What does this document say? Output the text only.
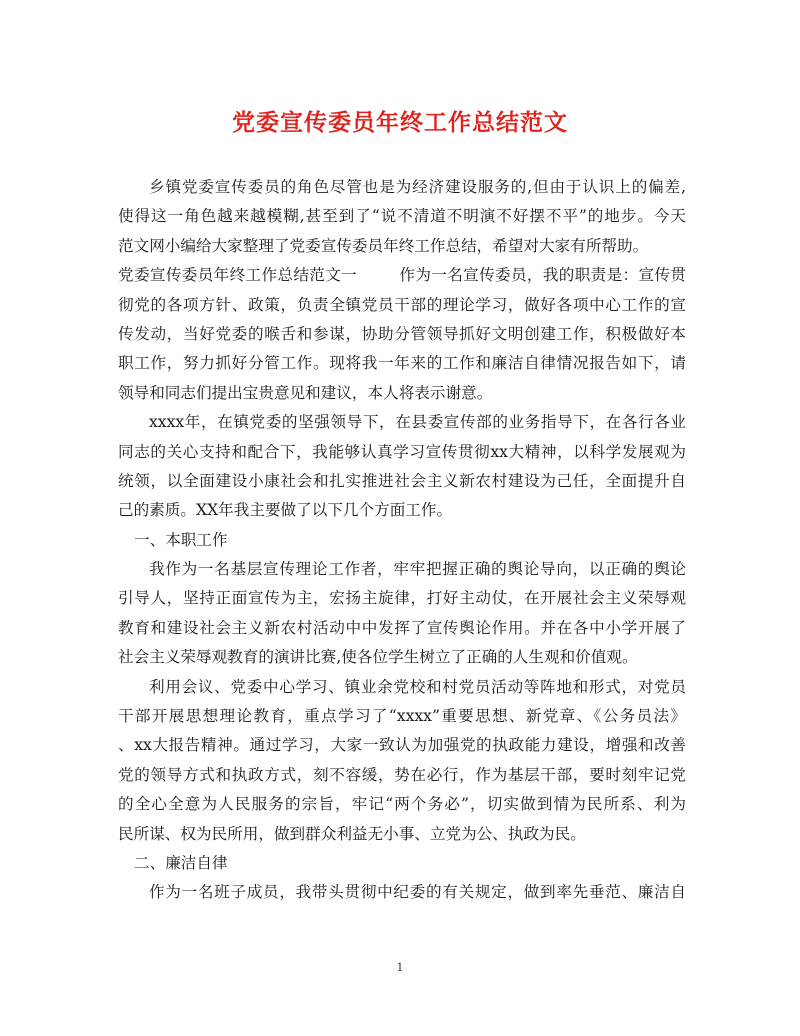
党委宣传委员年终工作总结范文
乡镇党委宣传委员的角色尽管也是为经济建设服务的,但由于认识上的偏差,
使得这一角色越来越模糊,甚至到了“说不清道不明演不好摆不平”的地步。今天
范文网小编给大家整理了党委宣传委员年终工作总结，希望对大家有所帮助。
党委宣传委员年终工作总结范文一	作为一名宣传委员，我的职责是：宣传贯
彻党的各项方针、政策，负责全镇党员干部的理论学习，做好各项中心工作的宣
传发动，当好党委的喉舌和参谋，协助分管领导抓好文明创建工作，积极做好本
职工作，努力抓好分管工作。现将我一年来的工作和廉洁自律情况报告如下，请
领导和同志们提出宝贵意见和建议，本人将表示谢意。
xxxx年，在镇党委的坚强领导下，在县委宣传部的业务指导下，在各行各业
同志的关心支持和配合下，我能够认真学习宣传贯彻xx大精神，以科学发展观为
统领，以全面建设小康社会和扎实推进社会主义新农村建设为己任，全面提升自
己的素质。XX年我主要做了以下几个方面工作。
一、本职工作
我作为一名基层宣传理论工作者，牢牢把握正确的舆论导向，以正确的舆论
引导人，坚持正面宣传为主，宏扬主旋律，打好主动仗，在开展社会主义荣辱观
教育和建设社会主义新农村活动中中发挥了宣传舆论作用。并在各中小学开展了
社会主义荣辱观教育的演讲比赛,使各位学生树立了正确的人生观和价值观。
利用会议、党委中心学习、镇业余党校和村党员活动等阵地和形式，对党员
干部开展思想理论教育，重点学习了“xxxx”重要思想、新党章、《公务员法》
、xx大报告精神。通过学习，大家一致认为加强党的执政能力建设，增强和改善
党的领导方式和执政方式，刻不容缓，势在必行，作为基层干部，要时刻牢记党
的全心全意为人民服务的宗旨，牢记“两个务必”，切实做到情为民所系、利为
民所谋、权为民所用，做到群众利益无小事、立党为公、执政为民。
二、廉洁自律
作为一名班子成员，我带头贯彻中纪委的有关规定，做到率先垂范、廉洁自
1
